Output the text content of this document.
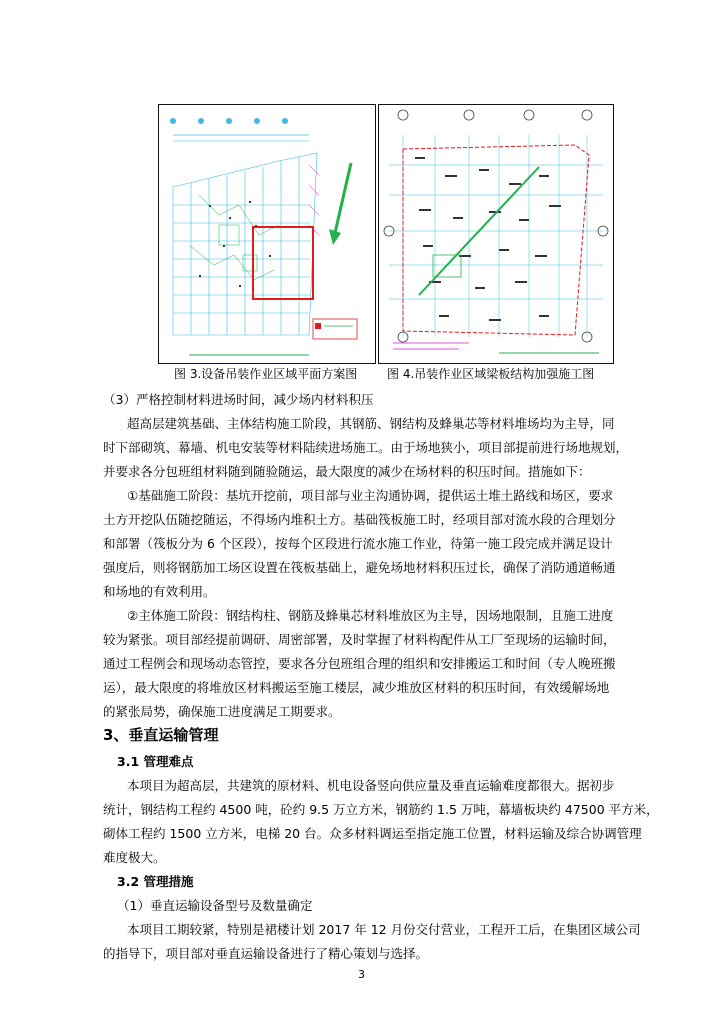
图 3.设备吊装作业区域平面方案图 图 4.吊装作业区域梁板结构加强施工图
（3）严格控制材料进场时间，减少场内材料积压
超高层建筑基础、主体结构施工阶段，其钢筋、钢结构及蜂巢芯等材料堆场均为主导，同
时下部砌筑、幕墙、机电安装等材料陆续进场施工。由于场地狭小，项目部提前进行场地规划，
并要求各分包班组材料随到随验随运，最大限度的减少在场材料的积压时间。措施如下：
①基础施工阶段：基坑开挖前，项目部与业主沟通协调，提供运土堆土路线和场区，要求
土方开挖队伍随挖随运，不得场内堆积土方。基础筏板施工时，经项目部对流水段的合理划分
和部署（筏板分为 6 个区段），按每个区段进行流水施工作业，待第一施工段完成并满足设计
强度后，则将钢筋加工场区设置在筏板基础上，避免场地材料积压过长，确保了消防通道畅通
和场地的有效利用。
②主体施工阶段：钢结构柱、钢筋及蜂巢芯材料堆放区为主导，因场地限制，且施工进度
较为紧张。项目部经提前调研、周密部署，及时掌握了材料构配件从工厂至现场的运输时间，
通过工程例会和现场动态管控，要求各分包班组合理的组织和安排搬运工和时间（专人晚班搬
运），最大限度的将堆放区材料搬运至施工楼层，减少堆放区材料的积压时间，有效缓解场地
的紧张局势，确保施工进度满足工期要求。
3、垂直运输管理
3.1 管理难点
本项目为超高层，共建筑的原材料、机电设备竖向供应量及垂直运输难度都很大。据初步
统计，钢结构工程约 4500 吨，砼约 9.5 万立方米，钢筋约 1.5 万吨，幕墙板块约 47500 平方米，
砌体工程约 1500 立方米，电梯 20 台。众多材料调运至指定施工位置，材料运输及综合协调管理
难度极大。
3.2 管理措施
（1）垂直运输设备型号及数量确定
本项目工期较紧，特别是裙楼计划 2017 年 12 月份交付营业，工程开工后，在集团区域公司
的指导下，项目部对垂直运输设备进行了精心策划与选择。
3
